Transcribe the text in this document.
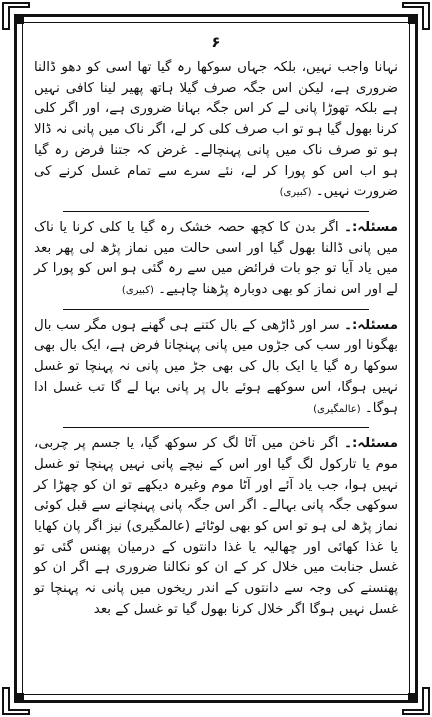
۶

نہانا واجب نہیں، بلکہ جہاں سوکھا رہ گیا تھا اسی کو دھو ڈالنا ضروری ہے، لیکن اس جگہ صرف گیلا ہاتھ پھیر لینا کافی نہیں ہے بلکہ تھوڑا پانی لے کر اس جگہ بہانا ضروری ہے، اور اگر کلی کرنا بھول گیا ہو تو اب صرف کلی کر لے، اگر ناک میں پانی نہ ڈالا ہو تو صرف ناک میں پانی پہنچالے۔ غرض کہ جتنا فرض رہ گیا ہو اب اس کو پورا کر لے، نئے سرے سے تمام غسل کرنے کی ضرورت نہیں۔ (کبیری)

مسئلہ:۔ اگر بدن کا کچھ حصہ خشک رہ گیا یا کلی کرنا یا ناک میں پانی ڈالنا بھول گیا اور اسی حالت میں نماز پڑھ لی پھر بعد میں یاد آیا تو جو بات فرائض میں سے رہ گئی ہو اس کو پورا کر لے اور اس نماز کو بھی دوبارہ پڑھنا چاہیے۔ (کبیری)

مسئلہ:۔ سر اور ڈاڑھی کے بال کتنے ہی گھنے ہوں مگر سب بال بھگونا اور سب کی جڑوں میں پانی پہنچانا فرض ہے، ایک بال بھی سوکھا رہ گیا یا ایک بال کی بھی جڑ میں پانی نہ پہنچا تو غسل نہیں ہوگا، اس سوکھے ہوئے بال پر پانی بہا لے گا تب غسل ادا ہوگا۔ (عالمگیری)

مسئلہ:۔ اگر ناخن میں آٹا لگ کر سوکھ گیا، یا جسم پر چربی، موم یا تارکول لگ گیا اور اس کے نیچے پانی نہیں پہنچا تو غسل نہیں ہوا، جب یاد آئے اور آٹا موم وغیرہ دیکھے تو ان کو چھڑا کر سوکھی جگہ پانی بہالے۔ اگر اس جگہ پانی پہنچانے سے قبل کوئی نماز پڑھ لی ہو تو اس کو بھی لوٹائے (عالمگیری) نیز اگر پان کھایا یا غذا کھائی اور چھالیہ یا غذا دانتوں کے درمیان پھنس گئی تو غسل جنابت میں خلال کر کے ان کو نکالنا ضروری ہے اگر ان کو پھنسنے کی وجہ سے دانتوں کے اندر ریخوں میں پانی نہ پہنچا تو غسل نہیں ہوگا اگر خلال کرنا بھول گیا تو غسل کے بعد
